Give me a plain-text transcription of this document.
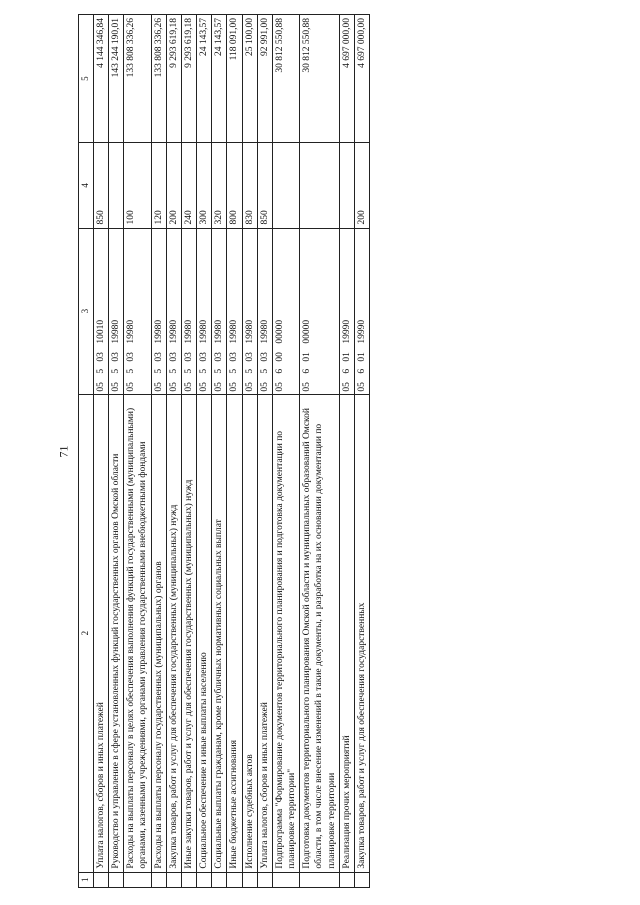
71
1	2	3	4	5
	Уплата налогов, сборов и иных платежей	0550310010	850	4 144 346,84
	Руководство и управление в сфере установленных функций государственных органов Омской области	0550319980		143 244 190,01
	Расходы на выплаты персоналу в целях обеспечения выполнения функций государственными (муниципальными) органами, казенными учреждениями, органами управления государственными внебюджетными фондами	0550319980	100	133 808 336,26
	Расходы на выплаты персоналу государственных (муниципальных) органов	0550319980	120	133 808 336,26
	Закупка товаров, работ и услуг для обеспечения государственных (муниципальных) нужд	0550319980	200	9 293 619,18
	Иные закупки товаров, работ и услуг для обеспечения государственных (муниципальных) нужд	0550319980	240	9 293 619,18
	Социальное обеспечение и иные выплаты населению	0550319980	300	24 143,57
	Социальные выплаты гражданам, кроме публичных нормативных социальных выплат	0550319980	320	24 143,57
	Иные бюджетные ассигнования	0550319980	800	118 091,00
	Исполнение судебных актов	0550319980	830	25 100,00
	Уплата налогов, сборов и иных платежей	0550319980	850	92 991,00
	Подпрограмма "Формирование документов территориального планирования и подготовка документации по планировке территории"	0560000000		30 812 550,88
	Подготовка документов территориального планирования Омской области и муниципальных образований Омской области, в том числе внесение изменений в такие документы, и разработка на их основании документации по планировке территории	0560100000		30 812 550,88
	Реализация прочих мероприятий	0560119990		4 697 000,00
	Закупка товаров, работ и услуг для обеспечения государственных	0560119990	200	4 697 000,00
